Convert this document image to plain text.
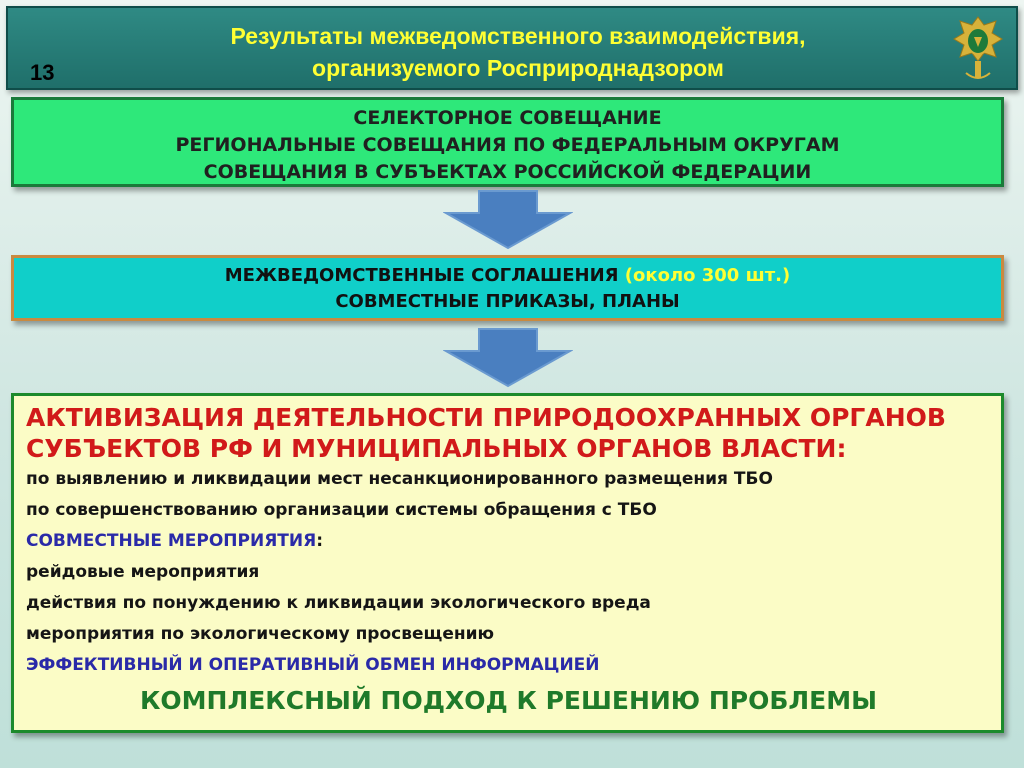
13
Результаты межведомственного взаимодействия,
организуемого Росприроднадзором
СЕЛЕКТОРНОЕ СОВЕЩАНИЕ
РЕГИОНАЛЬНЫЕ СОВЕЩАНИЯ ПО ФЕДЕРАЛЬНЫМ ОКРУГАМ
СОВЕЩАНИЯ В СУБЪЕКТАХ РОССИЙСКОЙ ФЕДЕРАЦИИ
МЕЖВЕДОМСТВЕННЫЕ СОГЛАШЕНИЯ (около 300 шт.)
СОВМЕСТНЫЕ ПРИКАЗЫ, ПЛАНЫ
АКТИВИЗАЦИЯ ДЕЯТЕЛЬНОСТИ ПРИРОДООХРАННЫХ ОРГАНОВ
СУБЪЕКТОВ РФ И МУНИЦИПАЛЬНЫХ ОРГАНОВ ВЛАСТИ:
по выявлению и ликвидации мест несанкционированного размещения ТБО
по совершенствованию организации системы обращения с ТБО
СОВМЕСТНЫЕ МЕРОПРИЯТИЯ:
рейдовые мероприятия
действия по понуждению к ликвидации экологического вреда
мероприятия по экологическому просвещению
ЭФФЕКТИВНЫЙ И ОПЕРАТИВНЫЙ ОБМЕН ИНФОРМАЦИЕЙ
КОМПЛЕКСНЫЙ ПОДХОД К РЕШЕНИЮ ПРОБЛЕМЫ
